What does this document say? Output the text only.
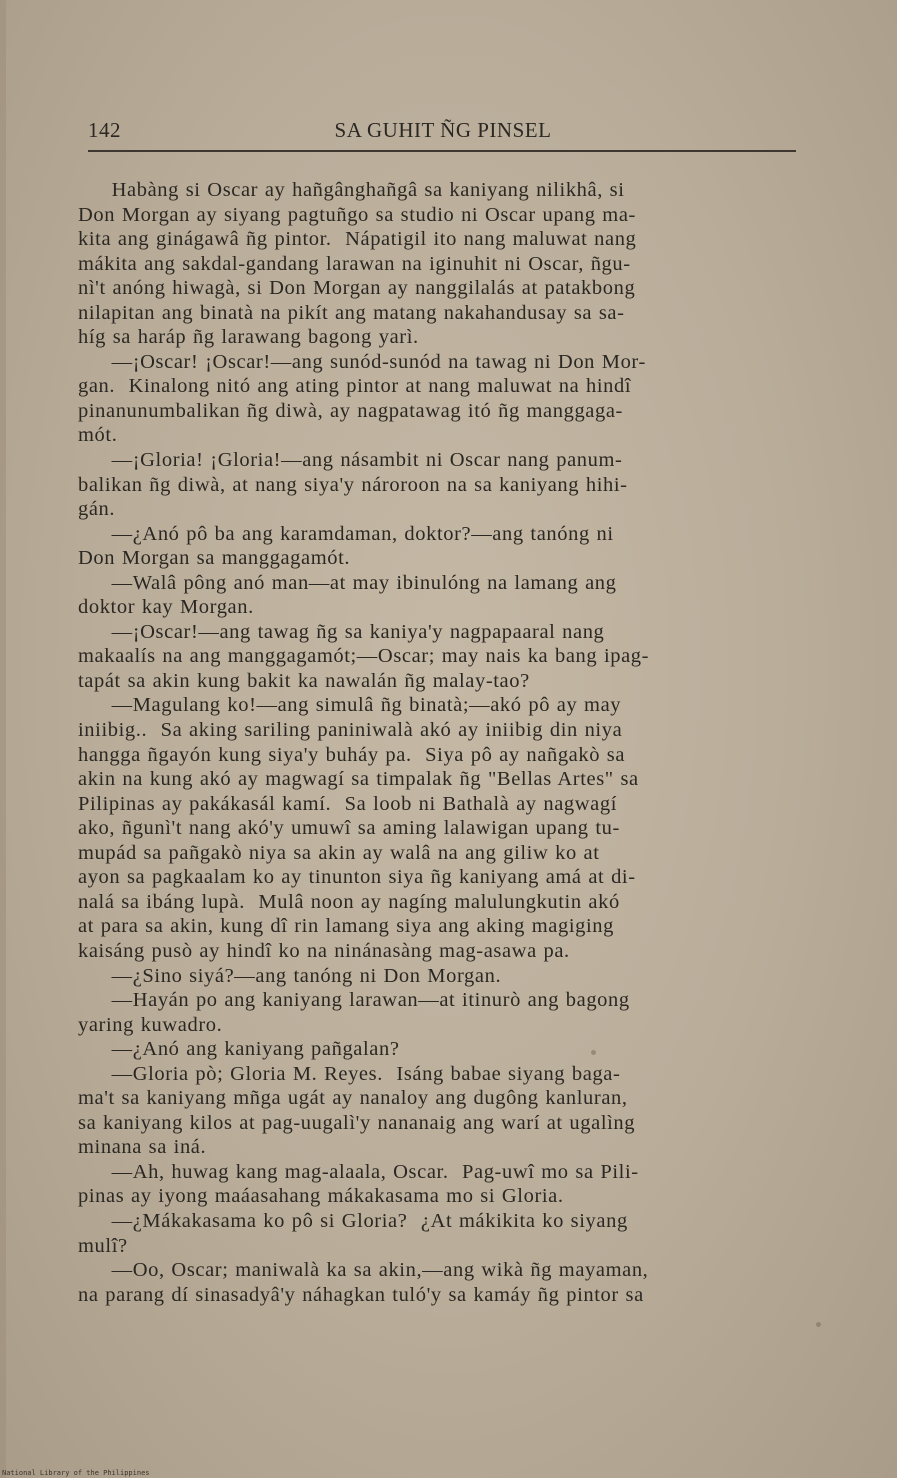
142	SA GUHIT ÑG PINSEL
Habàng si Oscar ay hañgânghañgâ sa kaniyang nilikhâ, si
Don Morgan ay siyang pagtuñgo sa studio ni Oscar upang ma-
kita ang ginágawâ ñg pintor.  Nápatigil ito nang maluwat nang
mákita ang sakdal-gandang larawan na iginuhit ni Oscar, ñgu-
nì't anóng hiwagà, si Don Morgan ay nanggilalás at patakbong
nilapitan ang binatà na pikít ang matang nakahandusay sa sa-
híg sa haráp ñg larawang bagong yarì.
—¡Oscar! ¡Oscar!—ang sunód-sunód na tawag ni Don Mor-
gan.  Kinalong nitó ang ating pintor at nang maluwat na hindî
pinanunumbalikan ñg diwà, ay nagpatawag itó ñg manggaga-
mót.
—¡Gloria! ¡Gloria!—ang násambit ni Oscar nang panum-
balikan ñg diwà, at nang siya'y nároroon na sa kaniyang hihi-
gán.
—¿Anó pô ba ang karamdaman, doktor?—ang tanóng ni
Don Morgan sa manggagamót.
—Walâ pông anó man—at may ibinulóng na lamang ang
doktor kay Morgan.
—¡Oscar!—ang tawag ñg sa kaniya'y nagpapaaral nang
makaalís na ang manggagamót;—Oscar; may nais ka bang ipag-
tapát sa akin kung bakit ka nawalán ñg malay-tao?
—Magulang ko!—ang simulâ ñg binatà;—akó pô ay may
iniibig..  Sa aking sariling paniniwalà akó ay iniibig din niya
hangga ñgayón kung siya'y buháy pa.  Siya pô ay nañgakò sa
akin na kung akó ay magwagí sa timpalak ñg "Bellas Artes" sa
Pilipinas ay pakákasál kamí.  Sa loob ni Bathalà ay nagwagí
ako, ñgunì't nang akó'y umuwî sa aming lalawigan upang tu-
mupád sa pañgakò niya sa akin ay walâ na ang giliw ko at
ayon sa pagkaalam ko ay tinunton siya ñg kaniyang amá at di-
nalá sa ibáng lupà.  Mulâ noon ay nagíng malulungkutin akó
at para sa akin, kung dî rin lamang siya ang aking magiging
kaisáng pusò ay hindî ko na ninánasàng mag-asawa pa.
—¿Sino siyá?—ang tanóng ni Don Morgan.
—Hayán po ang kaniyang larawan—at itinurò ang bagong
yaring kuwadro.
—¿Anó ang kaniyang pañgalan?
—Gloria pò; Gloria M. Reyes.  Isáng babae siyang baga-
ma't sa kaniyang mñga ugát ay nanaloy ang dugông kanluran,
sa kaniyang kilos at pag-uugalì'y nananaig ang warí at ugalìng
minana sa iná.
—Ah, huwag kang mag-alaala, Oscar.  Pag-uwî mo sa Pili-
pinas ay iyong maáasahang mákakasama mo si Gloria.
—¿Mákakasama ko pô si Gloria?  ¿At mákikita ko siyang
mulî?
—Oo, Oscar; maniwalà ka sa akin,—ang wikà ñg mayaman,
na parang dí sinasadyâ'y náhagkan tuló'y sa kamáy ñg pintor sa
National Library of the Philippines
